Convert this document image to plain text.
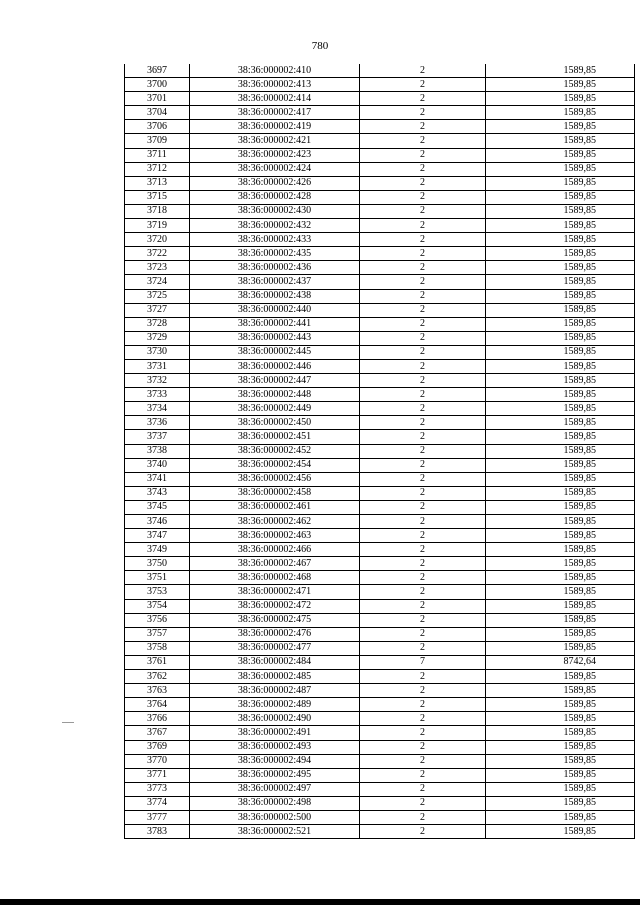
780
3697	38:36:000002:410	2	1589,85
3700	38:36:000002:413	2	1589,85
3701	38:36:000002:414	2	1589,85
3704	38:36:000002:417	2	1589,85
3706	38:36:000002:419	2	1589,85
3709	38:36:000002:421	2	1589,85
3711	38:36:000002:423	2	1589,85
3712	38:36:000002:424	2	1589,85
3713	38:36:000002:426	2	1589,85
3715	38:36:000002:428	2	1589,85
3718	38:36:000002:430	2	1589,85
3719	38:36:000002:432	2	1589,85
3720	38:36:000002:433	2	1589,85
3722	38:36:000002:435	2	1589,85
3723	38:36:000002:436	2	1589,85
3724	38:36:000002:437	2	1589,85
3725	38:36:000002:438	2	1589,85
3727	38:36:000002:440	2	1589,85
3728	38:36:000002:441	2	1589,85
3729	38:36:000002:443	2	1589,85
3730	38:36:000002:445	2	1589,85
3731	38:36:000002:446	2	1589,85
3732	38:36:000002:447	2	1589,85
3733	38:36:000002:448	2	1589,85
3734	38:36:000002:449	2	1589,85
3736	38:36:000002:450	2	1589,85
3737	38:36:000002:451	2	1589,85
3738	38:36:000002:452	2	1589,85
3740	38:36:000002:454	2	1589,85
3741	38:36:000002:456	2	1589,85
3743	38:36:000002:458	2	1589,85
3745	38:36:000002:461	2	1589,85
3746	38:36:000002:462	2	1589,85
3747	38:36:000002:463	2	1589,85
3749	38:36:000002:466	2	1589,85
3750	38:36:000002:467	2	1589,85
3751	38:36:000002:468	2	1589,85
3753	38:36:000002:471	2	1589,85
3754	38:36:000002:472	2	1589,85
3756	38:36:000002:475	2	1589,85
3757	38:36:000002:476	2	1589,85
3758	38:36:000002:477	2	1589,85
3761	38:36:000002:484	7	8742,64
3762	38:36:000002:485	2	1589,85
3763	38:36:000002:487	2	1589,85
3764	38:36:000002:489	2	1589,85
3766	38:36:000002:490	2	1589,85
3767	38:36:000002:491	2	1589,85
3769	38:36:000002:493	2	1589,85
3770	38:36:000002:494	2	1589,85
3771	38:36:000002:495	2	1589,85
3773	38:36:000002:497	2	1589,85
3774	38:36:000002:498	2	1589,85
3777	38:36:000002:500	2	1589,85
3783	38:36:000002:521	2	1589,85
